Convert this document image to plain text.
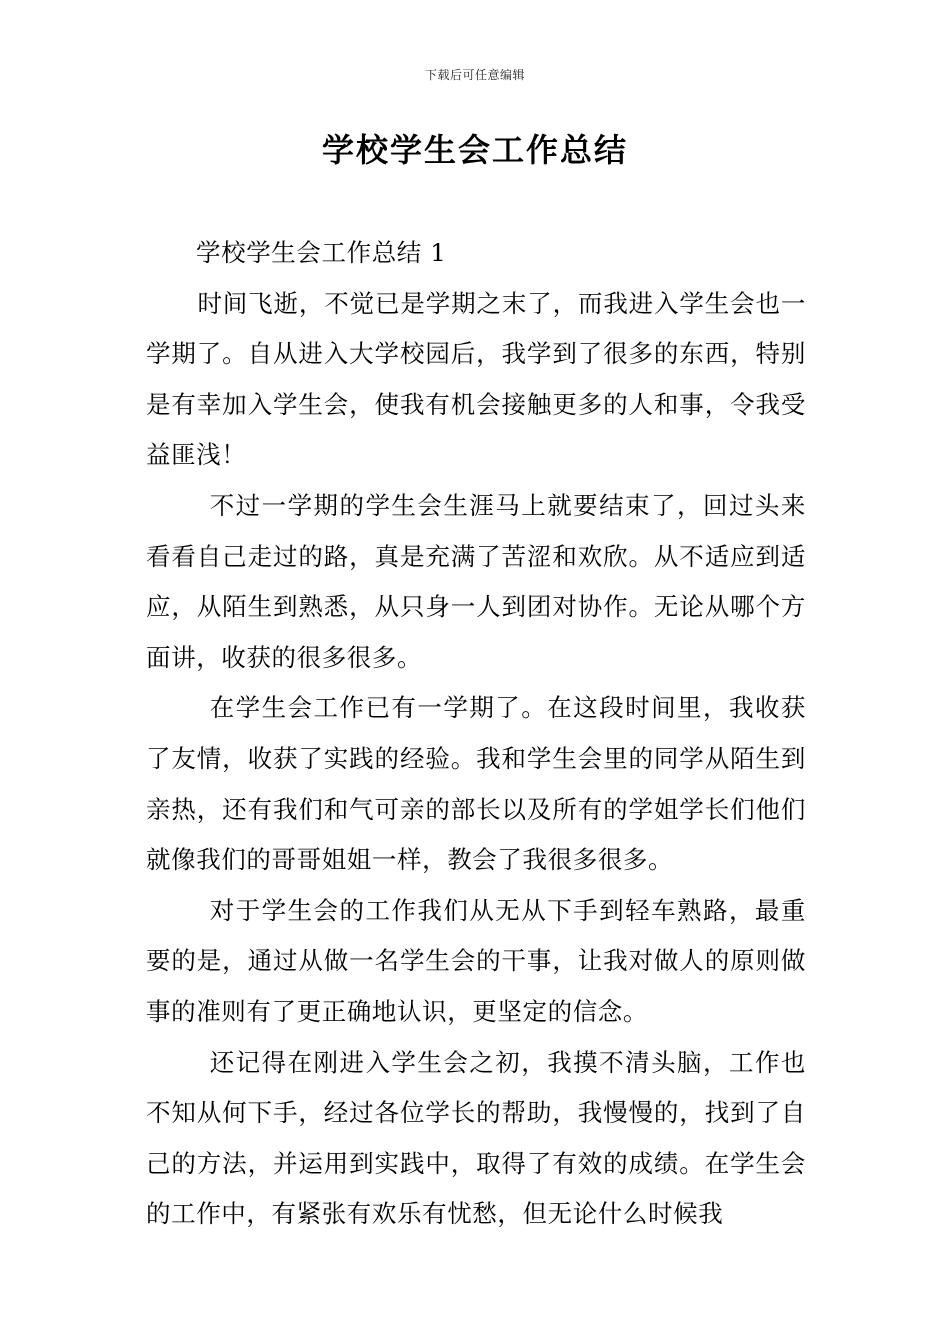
下载后可任意编辑
学校学生会工作总结

学校学生会工作总结 1

时间飞逝，不觉已是学期之末了，而我进入学生会也一学期了。自从进入大学校园后，我学到了很多的东西，特别是有幸加入学生会，使我有机会接触更多的人和事，令我受益匪浅！

不过一学期的学生会生涯马上就要结束了，回过头来看看自己走过的路，真是充满了苦涩和欢欣。从不适应到适应，从陌生到熟悉，从只身一人到团对协作。无论从哪个方面讲，收获的很多很多。

在学生会工作已有一学期了。在这段时间里，我收获了友情，收获了实践的经验。我和学生会里的同学从陌生到亲热，还有我们和气可亲的部长以及所有的学姐学长们他们就像我们的哥哥姐姐一样，教会了我很多很多。

对于学生会的工作我们从无从下手到轻车熟路，最重要的是，通过从做一名学生会的干事，让我对做人的原则做事的准则有了更正确地认识，更坚定的信念。

还记得在刚进入学生会之初，我摸不清头脑，工作也不知从何下手，经过各位学长的帮助，我慢慢的，找到了自己的方法，并运用到实践中，取得了有效的成绩。在学生会的工作中，有紧张有欢乐有忧愁，但无论什么时候我
